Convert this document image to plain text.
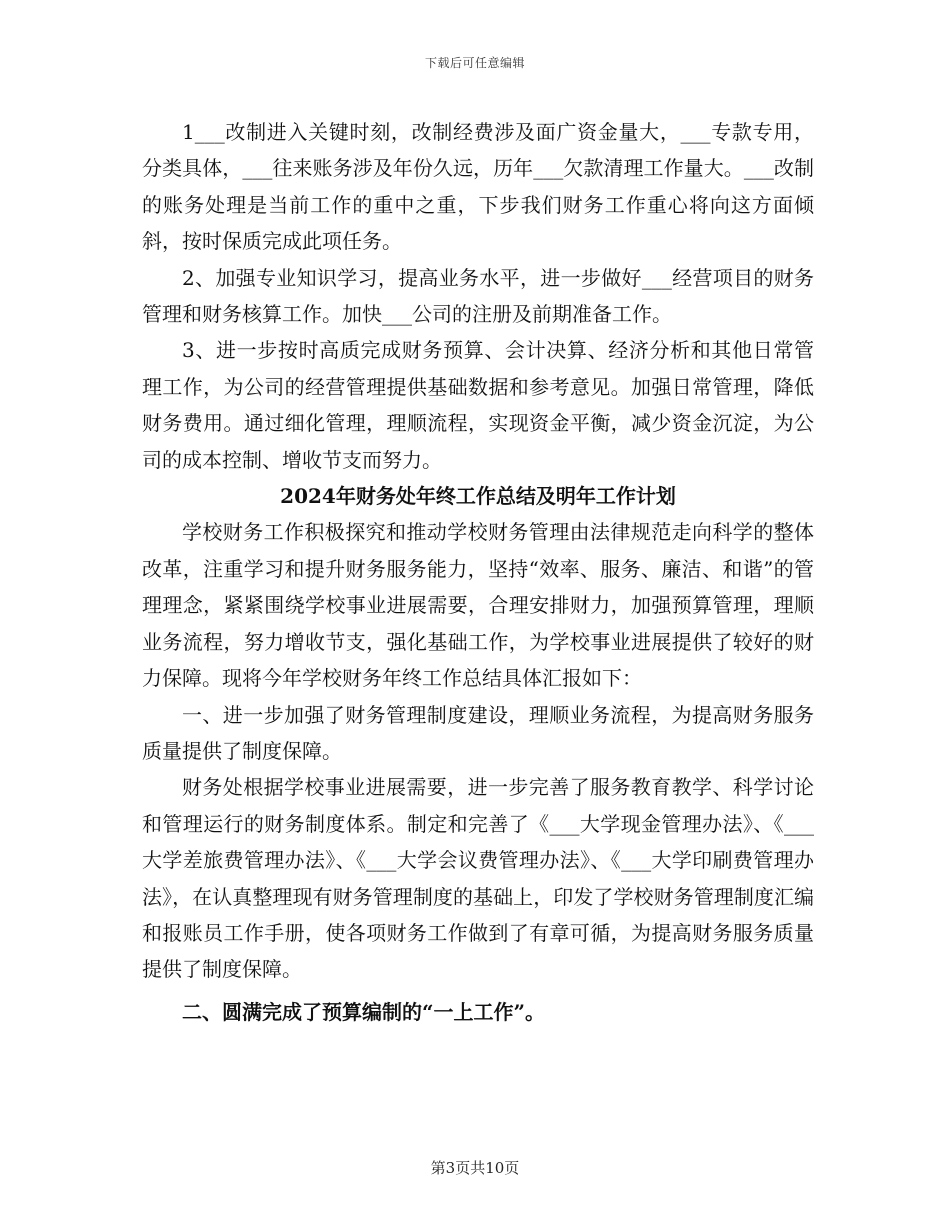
下载后可任意编辑

1___改制进入关键时刻，改制经费涉及面广资金量大，___专款专用，分类具体，___往来账务涉及年份久远，历年___欠款清理工作量大。___改制的账务处理是当前工作的重中之重，下步我们财务工作重心将向这方面倾斜，按时保质完成此项任务。

2、加强专业知识学习，提高业务水平，进一步做好___经营项目的财务管理和财务核算工作。加快___公司的注册及前期准备工作。

3、进一步按时高质完成财务预算、会计决算、经济分析和其他日常管理工作，为公司的经营管理提供基础数据和参考意见。加强日常管理，降低财务费用。通过细化管理，理顺流程，实现资金平衡，减少资金沉淀，为公司的成本控制、增收节支而努力。

2024年财务处年终工作总结及明年工作计划

学校财务工作积极探究和推动学校财务管理由法律规范走向科学的整体改革，注重学习和提升财务服务能力，坚持“效率、服务、廉洁、和谐”的管理理念，紧紧围绕学校事业进展需要，合理安排财力，加强预算管理，理顺业务流程，努力增收节支，强化基础工作，为学校事业进展提供了较好的财力保障。现将今年学校财务年终工作总结具体汇报如下：

一、进一步加强了财务管理制度建设，理顺业务流程，为提高财务服务质量提供了制度保障。

财务处根据学校事业进展需要，进一步完善了服务教育教学、科学讨论和管理运行的财务制度体系。制定和完善了《___大学现金管理办法》、《___大学差旅费管理办法》、《___大学会议费管理办法》、《___大学印刷费管理办法》，在认真整理现有财务管理制度的基础上，印发了学校财务管理制度汇编和报账员工作手册，使各项财务工作做到了有章可循，为提高财务服务质量提供了制度保障。

二、圆满完成了预算编制的“一上工作”。

第3页共10页
